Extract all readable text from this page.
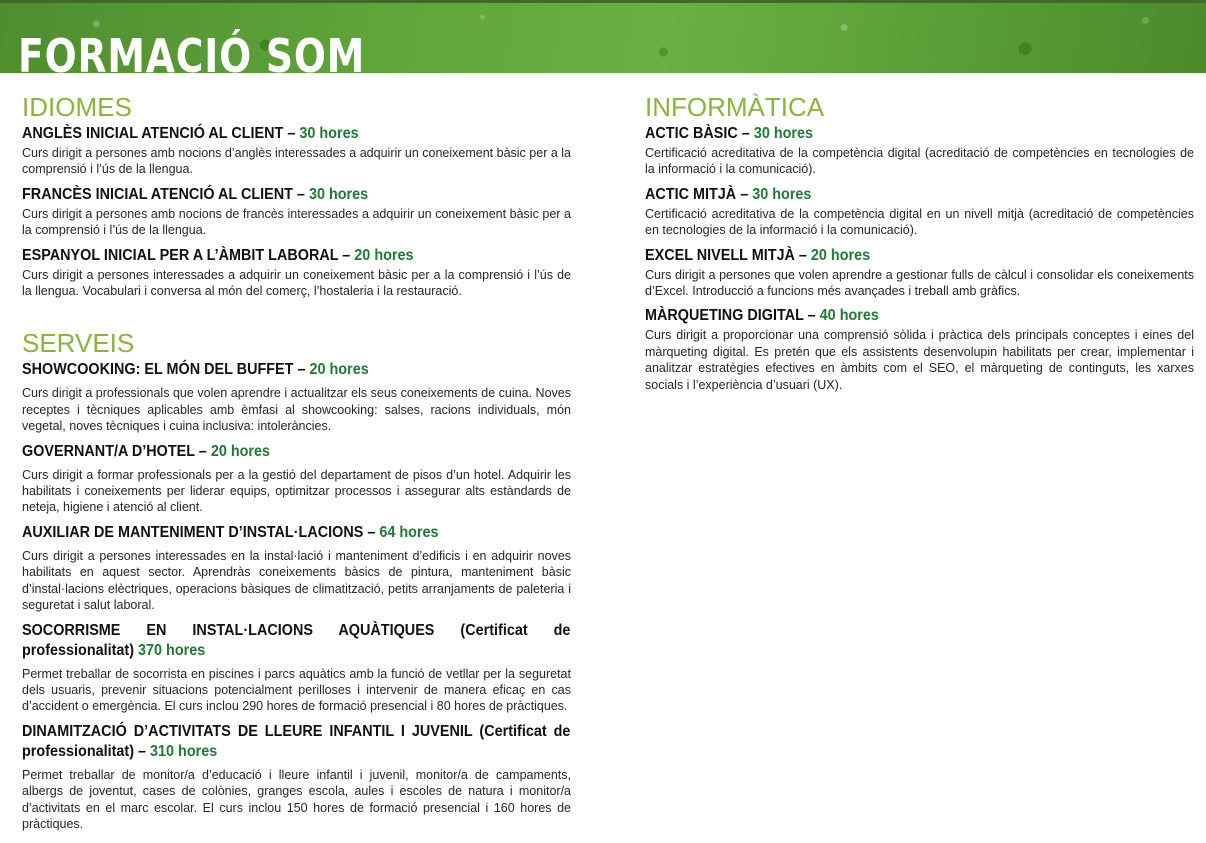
FORMACIÓ SOM
IDIOMES
ANGLÈS INICIAL ATENCIÓ AL CLIENT – 30 hores
Curs dirigit a persones amb nocions d’anglès interessades a adquirir un coneixement bàsic per a la comprensió i l’ús de la llengua.
FRANCÈS INICIAL ATENCIÓ AL CLIENT – 30 hores
Curs dirigit a persones amb nocions de francès interessades a adquirir un coneixement bàsic per a la comprensió i l’ús de la llengua.
ESPANYOL INICIAL PER A L’ÀMBIT LABORAL – 20 hores
Curs dirigit a persones interessades a adquirir un coneixement bàsic per a la comprensió i l’ús de la llengua. Vocabulari i conversa al món del comerç, l’hostaleria i la restauració.
SERVEIS
SHOWCOOKING: EL MÓN DEL BUFFET – 20 hores
Curs dirigit a professionals que volen aprendre i actualitzar els seus coneixements de cuina. Noves receptes i tècniques aplicables amb èmfasi al showcooking: salses, racions individuals, món vegetal, noves tècniques i cuina inclusiva: intoleràncies.
GOVERNANT/A D’HOTEL – 20 hores
Curs dirigit a formar professionals per a la gestió del departament de pisos d’un hotel. Adquirir les habilitats i coneixements per liderar equips, optimitzar processos i assegurar alts estàndards de neteja, higiene i atenció al client.
AUXILIAR DE MANTENIMENT D’INSTAL·LACIONS – 64 hores
Curs dirigit a persones interessades en la instal·lació i manteniment d’edificis i en adquirir noves habilitats en aquest sector. Aprendràs coneixements bàsics de pintura, manteniment bàsic d’instal·lacions elèctriques, operacions bàsiques de climatització, petits arranjaments de paleteria i seguretat i salut laboral.
SOCORRISME EN INSTAL·LACIONS AQUÀTIQUES (Certificat de professionalitat) 370 hores
Permet treballar de socorrista en piscines i parcs aquàtics amb la funció de vetllar per la seguretat dels usuaris, prevenir situacions potencialment perilloses i intervenir de manera eficaç en cas d’accident o emergència. El curs inclou 290 hores de formació presencial i 80 hores de pràctiques.
DINAMITZACIÓ D’ACTIVITATS DE LLEURE INFANTIL I JUVENIL (Certificat de professionalitat) – 310 hores
Permet treballar de monitor/a d’educació i lleure infantil i juvenil, monitor/a de campaments, albergs de joventut, cases de colònies, granges escola, aules i escoles de natura i monitor/a d’activitats en el marc escolar. El curs inclou 150 hores de formació presencial i 160 hores de pràctiques.
INFORMÀTICA
ACTIC BÀSIC – 30 hores
Certificació acreditativa de la competència digital (acreditació de competències en tecnologies de la informació i la comunicació).
ACTIC MITJÀ – 30 hores
Certificació acreditativa de la competència digital en un nivell mitjà (acreditació de competències en tecnologies de la informació i la comunicació).
EXCEL NIVELL MITJÀ – 20 hores
Curs dirigit a persones que volen aprendre a gestionar fulls de càlcul i consolidar els coneixements d’Excel. Introducció a funcions més avançades i treball amb gràfics.
MÀRQUETING DIGITAL – 40 hores
Curs dirigit a proporcionar una comprensió sòlida i pràctica dels principals conceptes i eines del màrqueting digital. Es pretén que els assistents desenvolupin habilitats per crear, implementar i analitzar estratègies efectives en àmbits com el SEO, el màrqueting de continguts, les xarxes socials i l’experiència d’usuari (UX).
